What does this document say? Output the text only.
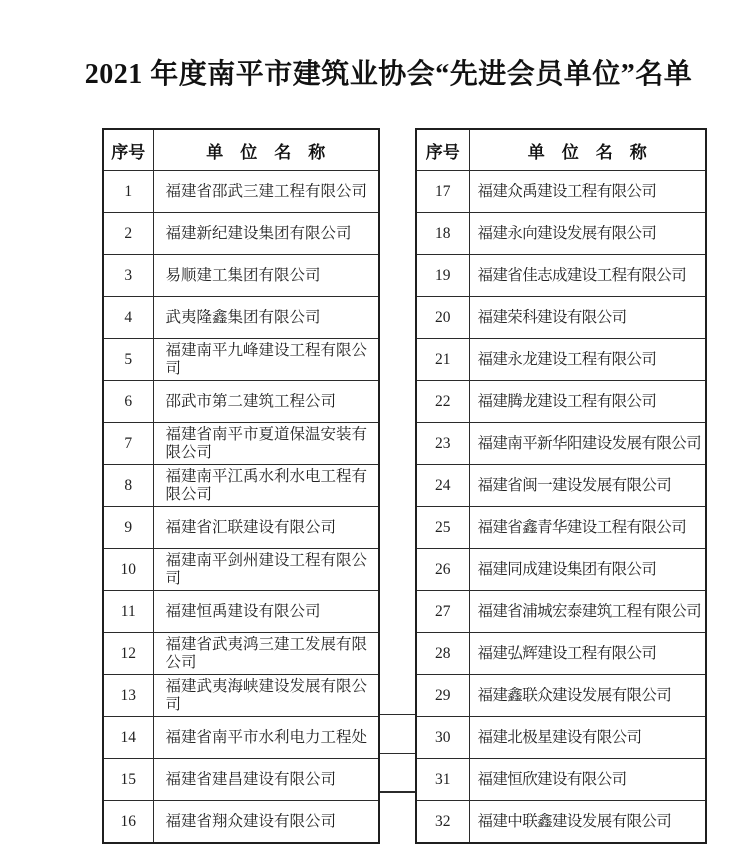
2021 年度南平市建筑业协会“先进会员单位”名单
序号	单　位　名　称
1	福建省邵武三建工程有限公司
2	福建新纪建设集团有限公司
3	易顺建工集团有限公司
4	武夷隆鑫集团有限公司
5	福建南平九峰建设工程有限公司
6	邵武市第二建筑工程公司
7	福建省南平市夏道保温安装有限公司
8	福建南平江禹水利水电工程有限公司
9	福建省汇联建设有限公司
10	福建南平剑州建设工程有限公司
11	福建恒禹建设有限公司
12	福建省武夷鸿三建工发展有限公司
13	福建武夷海峡建设发展有限公司
14	福建省南平市水利电力工程处
15	福建省建昌建设有限公司
16	福建省翔众建设有限公司
序号	单　位　名　称
17	福建众禹建设工程有限公司
18	福建永向建设发展有限公司
19	福建省佳志成建设工程有限公司
20	福建荣科建设有限公司
21	福建永龙建设工程有限公司
22	福建腾龙建设工程有限公司
23	福建南平新华阳建设发展有限公司
24	福建省闽一建设发展有限公司
25	福建省鑫青华建设工程有限公司
26	福建同成建设集团有限公司
27	福建省浦城宏泰建筑工程有限公司
28	福建弘辉建设工程有限公司
29	福建鑫联众建设发展有限公司
30	福建北极星建设有限公司
31	福建恒欣建设有限公司
32	福建中联鑫建设发展有限公司
